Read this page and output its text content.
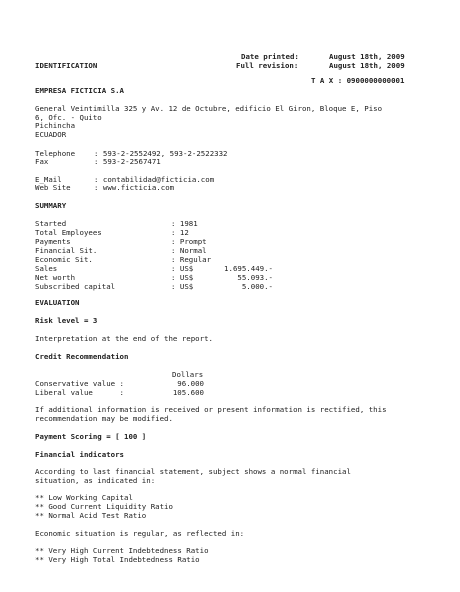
Date printed:	August 18th, 2009
IDENTIFICATION	Full revision:	August 18th, 2009
T A X : 0900000000001
EMPRESA FICTICIA S.A
General Veintimilla 325 y Av. 12 de Octubre, edificio El Giron, Bloque E, Piso
6, Ofc. - Quito
Pichincha
ECUADOR
Telephone	: 593-2-2552492, 593-2-2522332
Fax	: 593-2-2567471
E_Mail	: contabilidad@ficticia.com
Web Site	: www.ficticia.com
SUMMARY
Started	: 1981
Total Employees	: 12
Payments	: Prompt
Financial Sit.	: Normal
Economic Sit.	: Regular
Sales	: US$	1.695.449.-
Net worth	: US$	55.093.-
Subscribed capital	: US$	5.000.-
EVALUATION
Risk level = 3
Interpretation at the end of the report.
Credit Recommendation
Dollars
Conservative value :	96.000
Liberal value      :	105.600
If additional information is received or present information is rectified, this
recommendation may be modified.
Payment Scoring = [ 100 ]
Financial indicators
According to last financial statement, subject shows a normal financial
situation, as indicated in:
** Low Working Capital
** Good Current Liquidity Ratio
** Normal Acid Test Ratio
Economic situation is regular, as reflected in:
** Very High Current Indebtedness Ratio
** Very High Total Indebtedness Ratio
